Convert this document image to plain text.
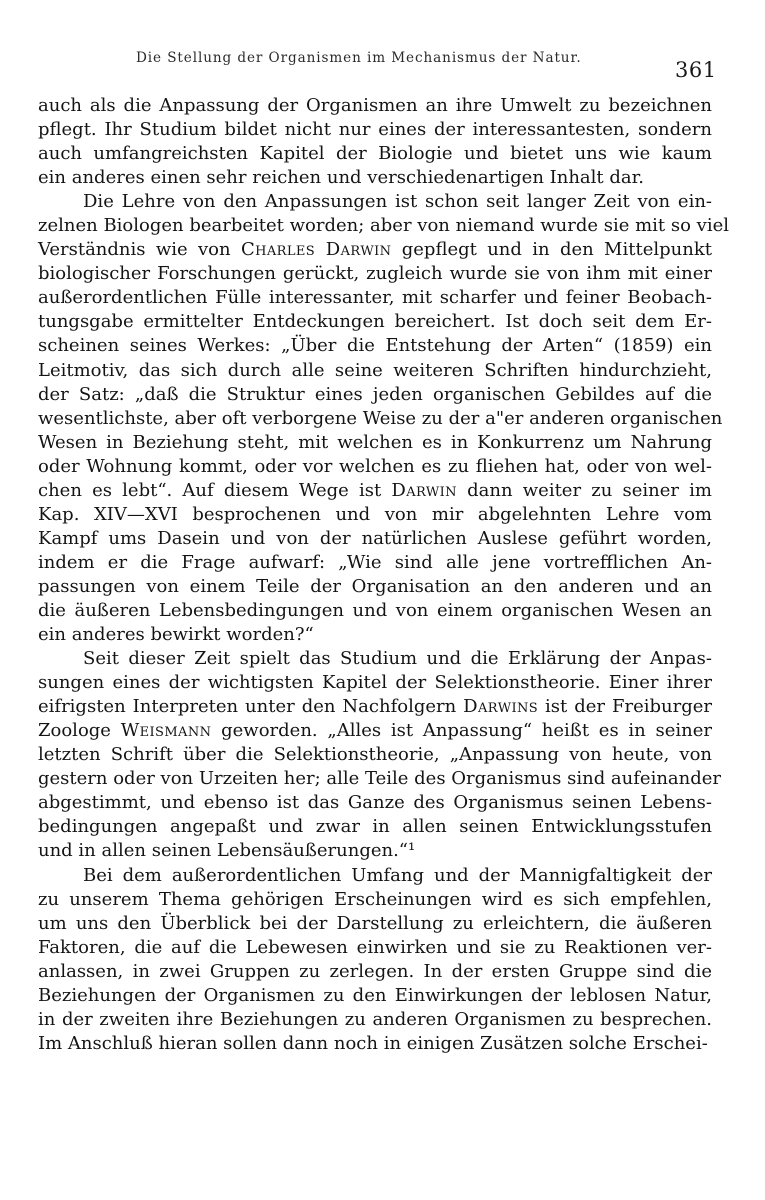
Die Stellung der Organismen im Mechanismus der Natur.	361

auch als die Anpassung der Organismen an ihre Umwelt zu bezeichnen
pflegt. Ihr Studium bildet nicht nur eines der interessantesten, sondern
auch umfangreichsten Kapitel der Biologie und bietet uns wie kaum
ein anderes einen sehr reichen und verschiedenartigen Inhalt dar.

Die Lehre von den Anpassungen ist schon seit langer Zeit von ein-
zelnen Biologen bearbeitet worden; aber von niemand wurde sie mit so viel
Verständnis wie von Charles Darwin gepflegt und in den Mittelpunkt
biologischer Forschungen gerückt, zugleich wurde sie von ihm mit einer
außerordentlichen Fülle interessanter, mit scharfer und feiner Beobach-
tungsgabe ermittelter Entdeckungen bereichert. Ist doch seit dem Er-
scheinen seines Werkes: „Über die Entstehung der Arten“ (1859) ein
Leitmotiv, das sich durch alle seine weiteren Schriften hindurchzieht,
der Satz: „daß die Struktur eines jeden organischen Gebildes auf die
wesentlichste, aber oft verborgene Weise zu der a"er anderen organischen
Wesen in Beziehung steht, mit welchen es in Konkurrenz um Nahrung
oder Wohnung kommt, oder vor welchen es zu fliehen hat, oder von wel-
chen es lebt“. Auf diesem Wege ist Darwin dann weiter zu seiner im
Kap. XIV—XVI besprochenen und von mir abgelehnten Lehre vom
Kampf ums Dasein und von der natürlichen Auslese geführt worden,
indem er die Frage aufwarf: „Wie sind alle jene vortrefflichen An-
passungen von einem Teile der Organisation an den anderen und an
die äußeren Lebensbedingungen und von einem organischen Wesen an
ein anderes bewirkt worden?“

Seit dieser Zeit spielt das Studium und die Erklärung der Anpas-
sungen eines der wichtigsten Kapitel der Selektionstheorie. Einer ihrer
eifrigsten Interpreten unter den Nachfolgern Darwins ist der Freiburger
Zoologe Weismann geworden. „Alles ist Anpassung“ heißt es in seiner
letzten Schrift über die Selektionstheorie, „Anpassung von heute, von
gestern oder von Urzeiten her; alle Teile des Organismus sind aufeinander
abgestimmt, und ebenso ist das Ganze des Organismus seinen Lebens-
bedingungen angepaßt und zwar in allen seinen Entwicklungsstufen
und in allen seinen Lebensäußerungen.“¹

Bei dem außerordentlichen Umfang und der Mannigfaltigkeit der
zu unserem Thema gehörigen Erscheinungen wird es sich empfehlen,
um uns den Überblick bei der Darstellung zu erleichtern, die äußeren
Faktoren, die auf die Lebewesen einwirken und sie zu Reaktionen ver-
anlassen, in zwei Gruppen zu zerlegen. In der ersten Gruppe sind die
Beziehungen der Organismen zu den Einwirkungen der leblosen Natur,
in der zweiten ihre Beziehungen zu anderen Organismen zu besprechen.
Im Anschluß hieran sollen dann noch in einigen Zusätzen solche Erschei-
